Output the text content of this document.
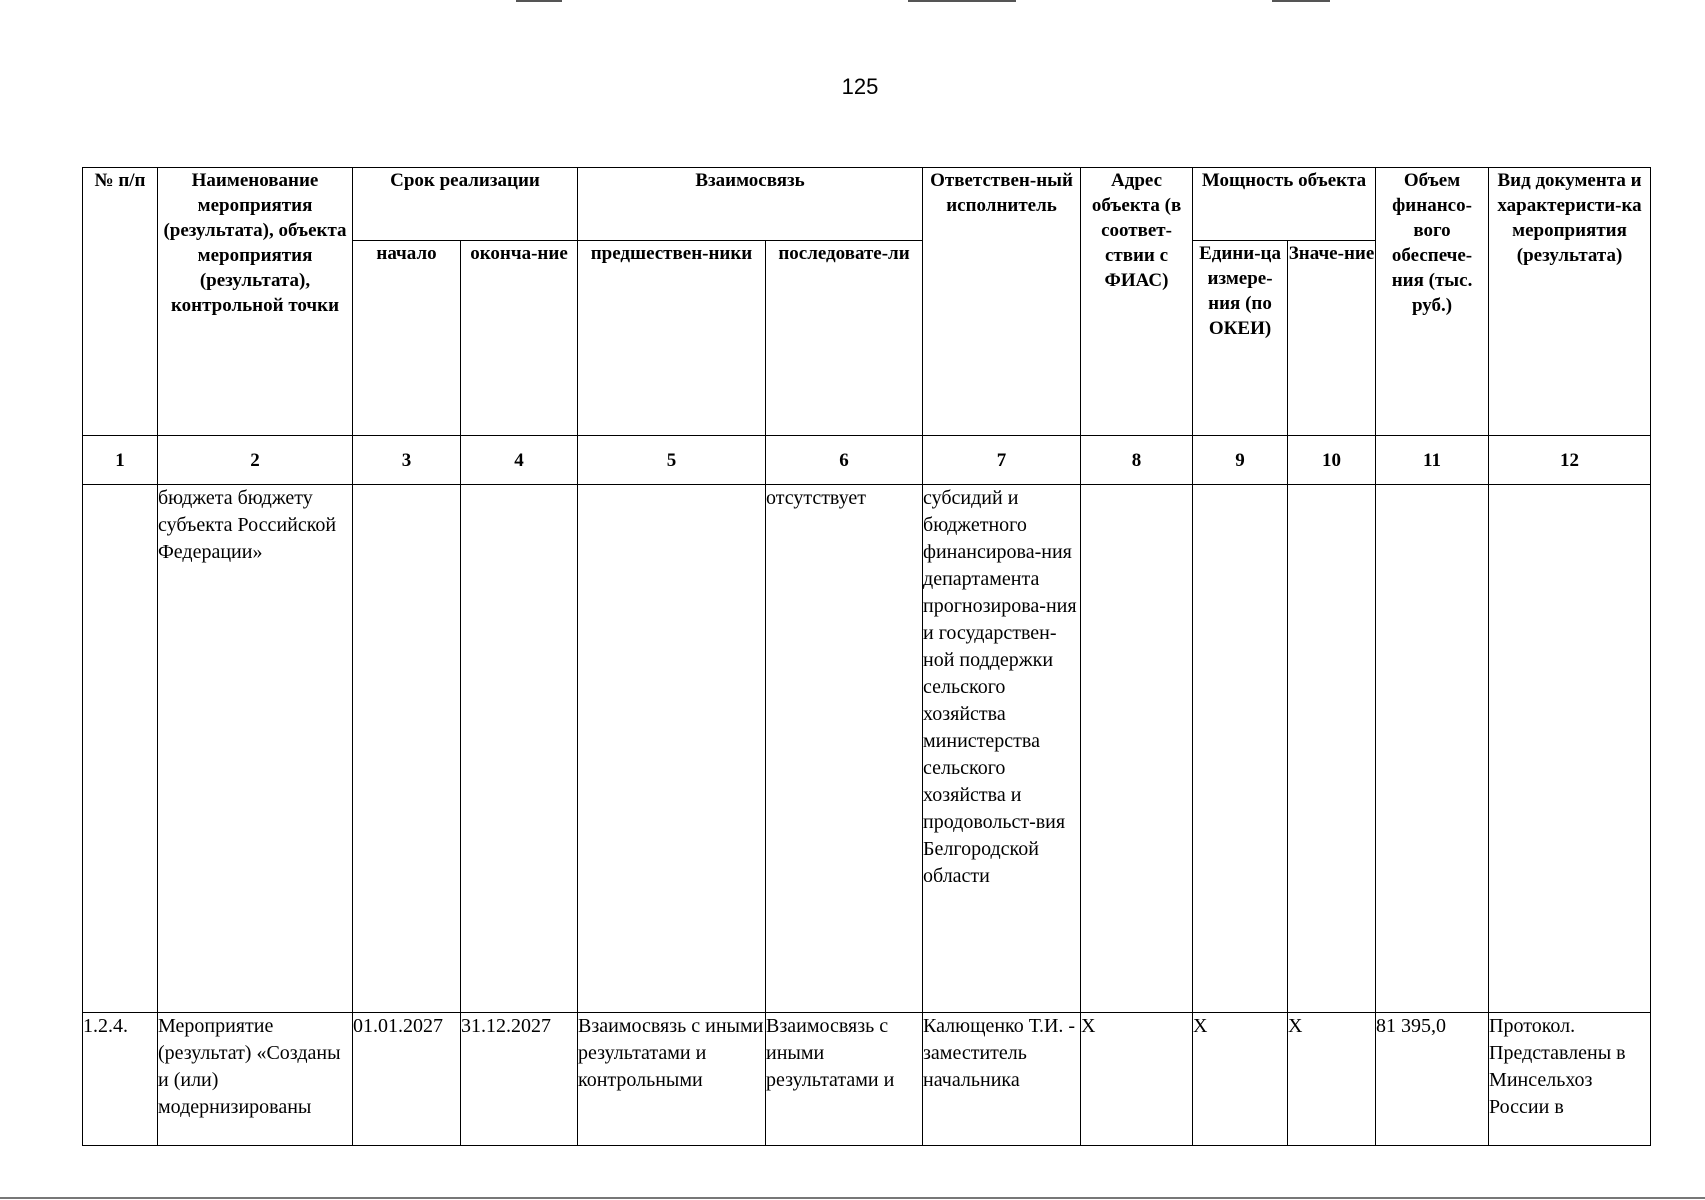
125
№ п/п	Наименование мероприятия (результата), объекта мероприятия (результата), контрольной точки	Срок реализации		Взаимосвязь		Ответствен-ный исполнитель	Адрес объекта (в соответ-ствии с ФИАС)	Мощность объекта		Объем финансо-вого обеспече-ния (тыс. руб.)	Вид документа и характеристи-ка мероприятия (результата)
		начало	оконча-ние	предшествен-ники	последовате-ли			Едини-ца измере-ния (по ОКЕИ)	Значе-ние		
1	2	3	4	5	6	7	8	9	10	11	12
	бюджета бюджету субъекта Российской Федерации»				отсутствует	субсидий и бюджетного финансирова-ния департамента прогнозирова-ния и государствен-ной поддержки сельского хозяйства министерства сельского хозяйства и продовольст-вия Белгородской области					
1.2.4.	Мероприятие (результат) «Созданы и (или) модернизированы	01.01.2027	31.12.2027	Взаимосвязь с иными результатами и контрольными	Взаимосвязь с иными результатами и	Калющенко Т.И. - заместитель начальника	X	X	X	81 395,0	Протокол. Представлены в Минсельхоз России в
